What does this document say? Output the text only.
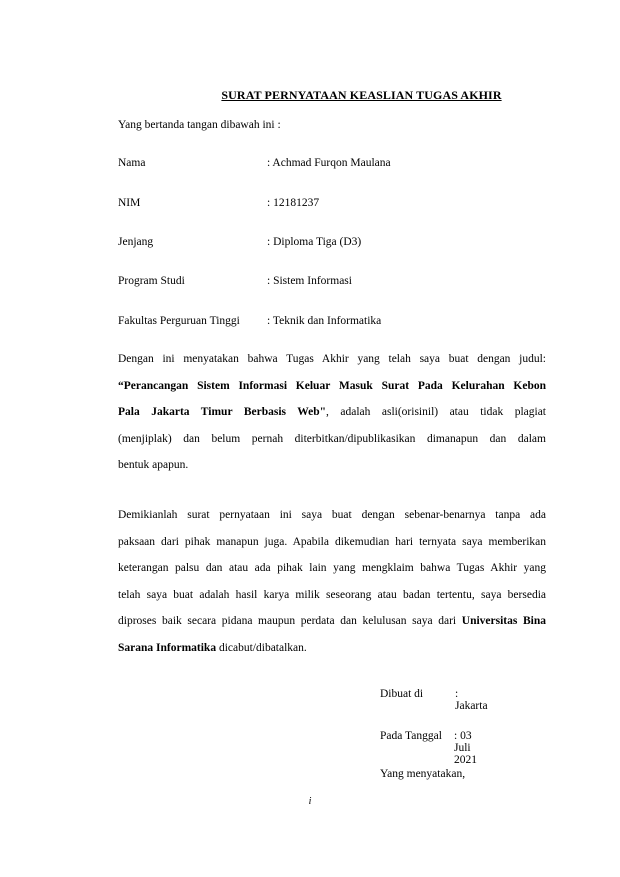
SURAT PERNYATAAN KEASLIAN TUGAS AKHIR
Yang bertanda tangan dibawah ini :
Nama	: Achmad Furqon Maulana
NIM	: 12181237
Jenjang	: Diploma Tiga (D3)
Program Studi	: Sistem Informasi
Fakultas Perguruan Tinggi : Teknik dan Informatika
Dengan ini menyatakan bahwa Tugas Akhir yang telah saya buat dengan judul:
“Perancangan Sistem Informasi Keluar Masuk Surat Pada Kelurahan Kebon
Pala Jakarta Timur Berbasis Web", adalah asli(orisinil) atau tidak plagiat
(menjiplak) dan belum pernah diterbitkan/dipublikasikan dimanapun dan dalam
bentuk apapun.
Demikianlah surat pernyataan ini saya buat dengan sebenar-benarnya tanpa ada
paksaan dari pihak manapun juga. Apabila dikemudian hari ternyata saya memberikan
keterangan palsu dan atau ada pihak lain yang mengklaim bahwa Tugas Akhir yang
telah saya buat adalah hasil karya milik seseorang atau badan tertentu, saya bersedia
diproses baik secara pidana maupun perdata dan kelulusan saya dari Universitas Bina
Sarana Informatika dicabut/dibatalkan.
Dibuat di	: Jakarta
Pada Tanggal : 03 Juli 2021
Yang menyatakan,
i
